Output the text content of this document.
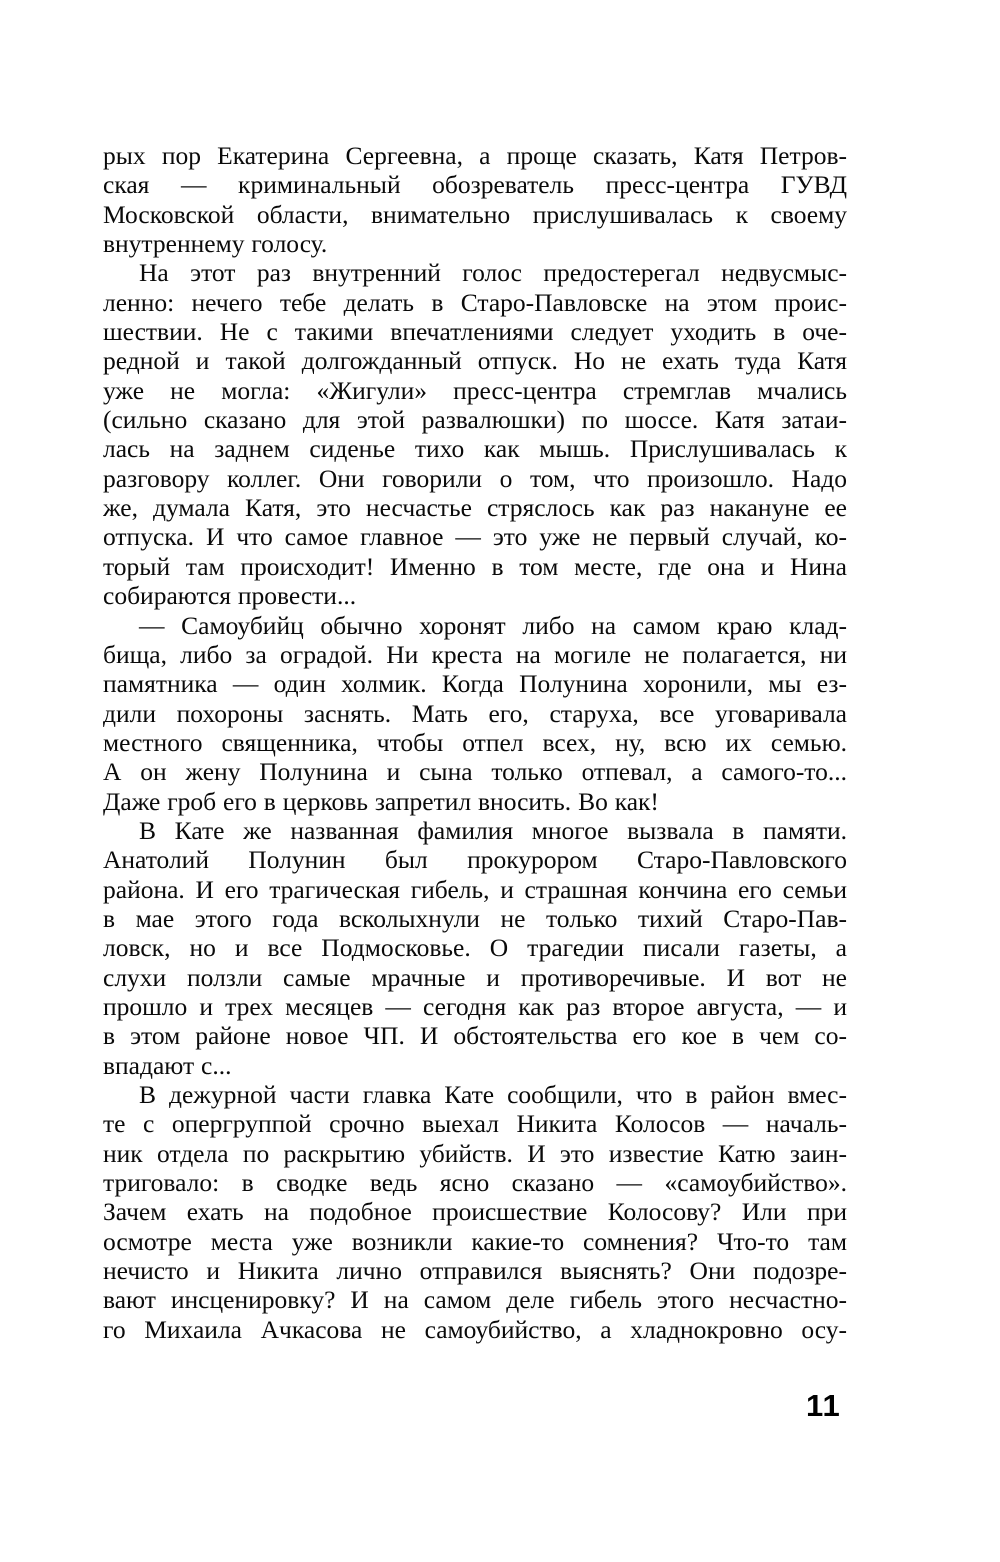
рых пор Екатерина Сергеевна, а проще сказать, Катя Петров-
ская — криминальный обозреватель пресс-центра ГУВД
Московской области, внимательно прислушивалась к своему
внутреннему голосу.
На этот раз внутренний голос предостерегал недвусмыс-
ленно: нечего тебе делать в Старо-Павловске на этом проис-
шествии. Не с такими впечатлениями следует уходить в оче-
редной и такой долгожданный отпуск. Но не ехать туда Катя
уже не могла: «Жигули» пресс-центра стремглав мчались
(сильно сказано для этой развалюшки) по шоссе. Катя затаи-
лась на заднем сиденье тихо как мышь. Прислушивалась к
разговору коллег. Они говорили о том, что произошло. Надо
же, думала Катя, это несчастье стряслось как раз накануне ее
отпуска. И что самое главное — это уже не первый случай, ко-
торый там происходит! Именно в том месте, где она и Нина
собираются провести...
— Самоубийц обычно хоронят либо на самом краю клад-
бища, либо за оградой. Ни креста на могиле не полагается, ни
памятника — один холмик. Когда Полунина хоронили, мы ез-
дили похороны заснять. Мать его, старуха, все уговаривала
местного священника, чтобы отпел всех, ну, всю их семью.
А он жену Полунина и сына только отпевал, а самого-то...
Даже гроб его в церковь запретил вносить. Во как!
В Кате же названная фамилия многое вызвала в памяти.
Анатолий Полунин был прокурором Старо-Павловского
района. И его трагическая гибель, и страшная кончина его семьи
в мае этого года всколыхнули не только тихий Старо-Пав-
ловск, но и все Подмосковье. О трагедии писали газеты, а
слухи ползли самые мрачные и противоречивые. И вот не
прошло и трех месяцев — сегодня как раз второе августа, — и
в этом районе новое ЧП. И обстоятельства его кое в чем со-
впадают с...
В дежурной части главка Кате сообщили, что в район вмес-
те с опергруппой срочно выехал Никита Колосов — началь-
ник отдела по раскрытию убийств. И это известие Катю заин-
триговало: в сводке ведь ясно сказано — «самоубийство».
Зачем ехать на подобное происшествие Колосову? Или при
осмотре места уже возникли какие-то сомнения? Что-то там
нечисто и Никита лично отправился выяснять? Они подозре-
вают инсценировку? И на самом деле гибель этого несчастно-
го Михаила Ачкасова не самоубийство, а хладнокровно осу-
11
